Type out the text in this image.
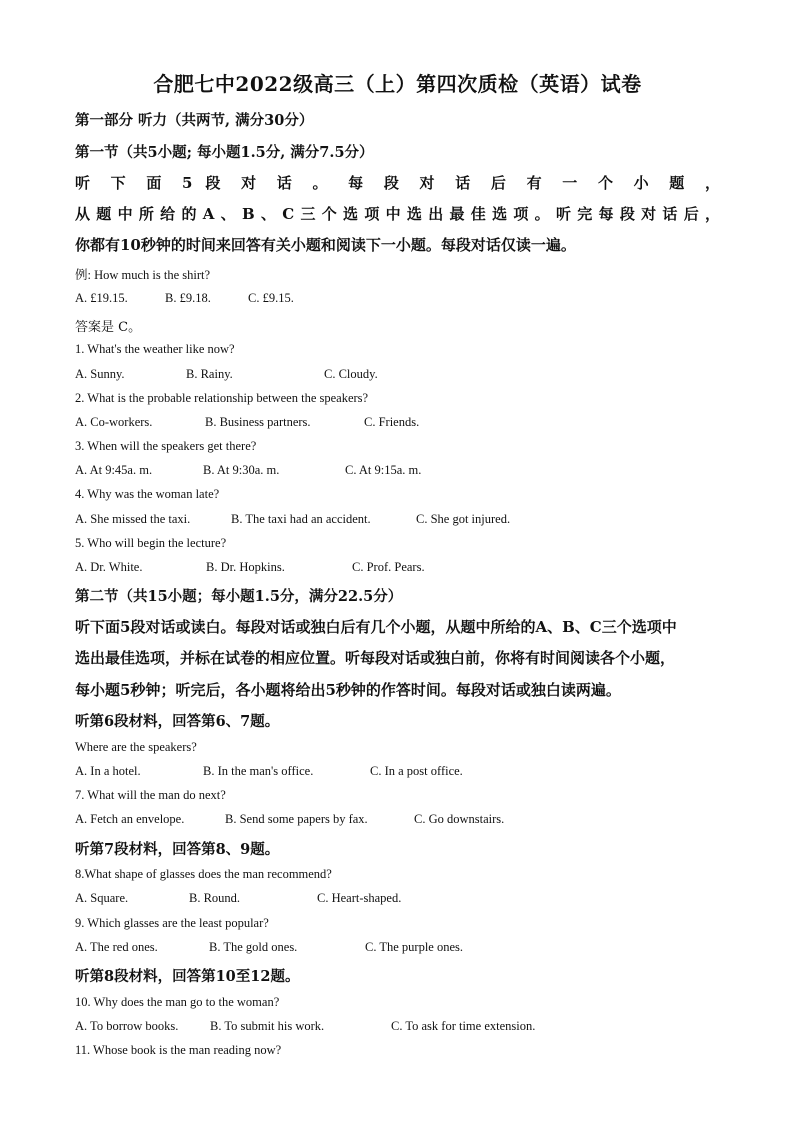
合肥七中2022级高三（上）第四次质检（英语）试卷
第一部分 听力（共两节, 满分30分）
第一节（共5小题; 每小题1.5分, 满分7.5分）
听 下 面 5 段 对 话 。 每 段 对 话 后 有 一 个 小 题 ，
从题中所给的A、B、C三个选项中选出最佳选项。听完每段对话后，
你都有10秒钟的时间来回答有关小题和阅读下一小题。每段对话仅读一遍。
例: How much is the shirt?
A. £19.15.	B. £9.18.	C. £9.15.
答案是 C。
1. What's the weather like now?
A. Sunny.	B. Rainy.	C. Cloudy.
2. What is the probable relationship between the speakers?
A. Co-workers.	B. Business partners.	C. Friends.
3. When will the speakers get there?
A. At 9:45a. m.	B. At 9:30a. m.	C. At 9:15a. m.
4. Why was the woman late?
A. She missed the taxi.	B. The taxi had an accident.	C. She got injured.
5. Who will begin the lecture?
A. Dr. White.	B. Dr. Hopkins.	C. Prof. Pears.
第二节（共15小题；每小题1.5分，满分22.5分）
听下面5段对话或读白。每段对话或独白后有几个小题，从题中所给的A、B、C三个选项中
选出最佳选项，并标在试卷的相应位置。听每段对话或独白前，你将有时间阅读各个小题，
每小题5秒钟；听完后，各小题将给出5秒钟的作答时间。每段对话或独白读两遍。
听第6段材料，回答第6、7题。
Where are the speakers?
A. In a hotel.	B. In the man's office.	C. In a post office.
7. What will the man do next?
A. Fetch an envelope.	B. Send some papers by fax.	C. Go downstairs.
听第7段材料，回答第8、9题。
8.What shape of glasses does the man recommend?
A. Square.	B. Round.	C. Heart-shaped.
9. Which glasses are the least popular?
A. The red ones.	B. The gold ones.	C. The purple ones.
听第8段材料，回答第10至12题。
10. Why does the man go to the woman?
A. To borrow books.	B. To submit his work.	C. To ask for time extension.
11. Whose book is the man reading now?
